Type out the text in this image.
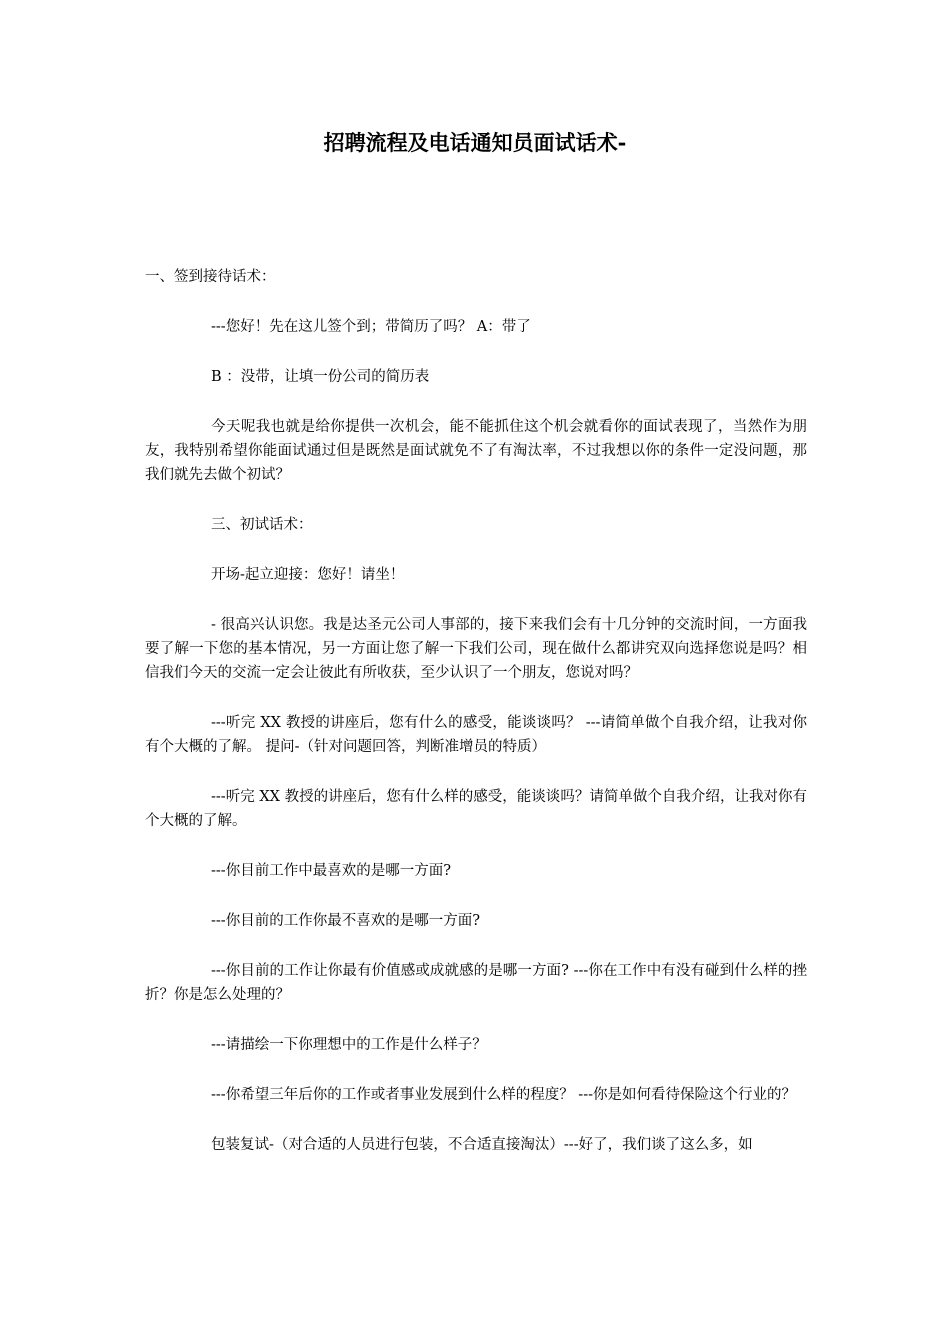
招聘流程及电话通知员面试话术-

一、签到接待话术：

---您好！先在这儿签个到；带简历了吗？ A：带了

B ：没带，让填一份公司的简历表

今天呢我也就是给你提供一次机会，能不能抓住这个机会就看你的面试表现了，当然作为朋友，我特别希望你能面试通过但是既然是面试就免不了有淘汰率，不过我想以你的条件一定没问题，那我们就先去做个初试？

三、初试话术：

开场-起立迎接：您好！请坐！

- 很高兴认识您。我是达圣元公司人事部的，接下来我们会有十几分钟的交流时间，一方面我要了解一下您的基本情况，另一方面让您了解一下我们公司，现在做什么都讲究双向选择您说是吗？相信我们今天的交流一定会让彼此有所收获，至少认识了一个朋友，您说对吗？

---听完 XX 教授的讲座后，您有什么的感受，能谈谈吗？ ---请简单做个自我介绍，让我对你有个大概的了解。 提问-（针对问题回答，判断准增员的特质）

---听完 XX 教授的讲座后，您有什么样的感受，能谈谈吗？请简单做个自我介绍，让我对你有个大概的了解。

---你目前工作中最喜欢的是哪一方面?

---你目前的工作你最不喜欢的是哪一方面?

---你目前的工作让你最有价值感或成就感的是哪一方面? ---你在工作中有没有碰到什么样的挫折？你是怎么处理的？

---请描绘一下你理想中的工作是什么样子？

---你希望三年后你的工作或者事业发展到什么样的程度？ ---你是如何看待保险这个行业的？

包装复试-（对合适的人员进行包装，不合适直接淘汰）---好了，我们谈了这么多，如
